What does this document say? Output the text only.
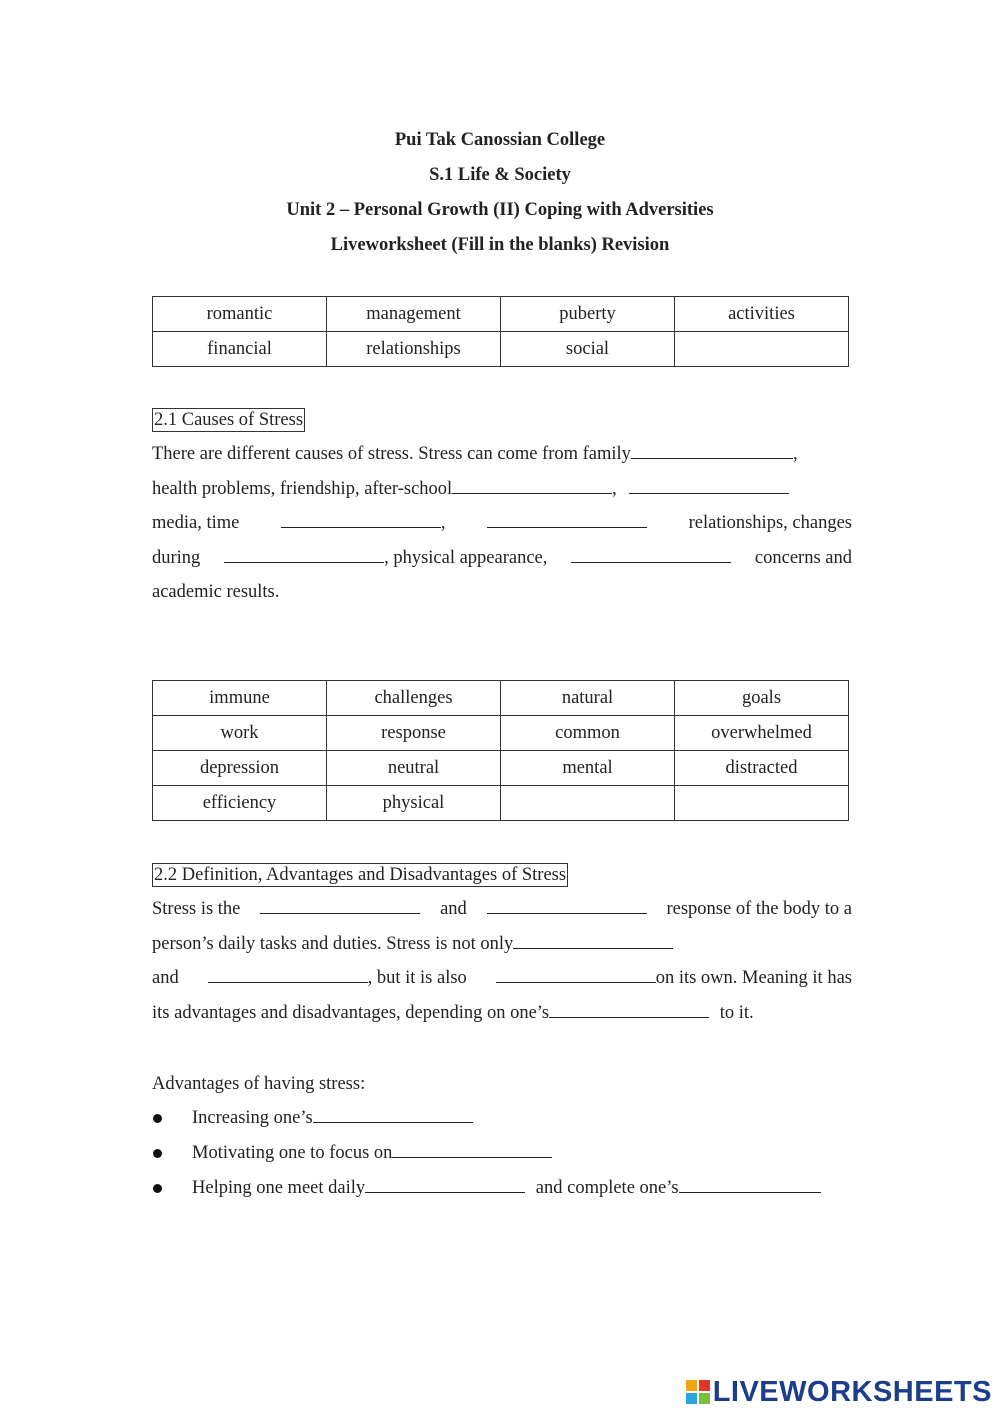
Pui Tak Canossian College
S.1 Life & Society
Unit 2 – Personal Growth (II) Coping with Adversities
Liveworksheet (Fill in the blanks) Revision
romantic	management	puberty	activities
financial	relationships	social	
2.1 Causes of Stress
There are different causes of stress. Stress can come from family	,
health problems, friendship, after-school	,
media, time	,	relationships, changes
during	, physical appearance,	concerns and
academic results.
immune	challenges	natural	goals
work	response	common	overwhelmed
depression	neutral	mental	distracted
efficiency	physical		
2.2 Definition, Advantages and Disadvantages of Stress
Stress is the	and	response of the body to a
person’s daily tasks and duties. Stress is not only
and	, but it is also	on its own. Meaning it has
its advantages and disadvantages, depending on one’s	to it.
Advantages of having stress:
Increasing one’s
Motivating one to focus on
Helping one meet daily	and complete one’s
LIVEWORKSHEETS
